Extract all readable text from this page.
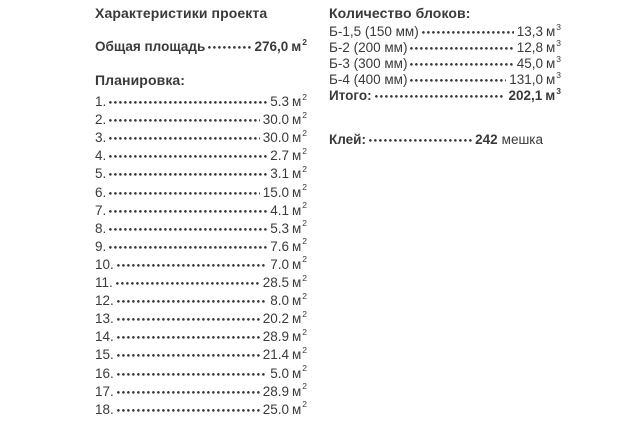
Характеристики проекта
Общая площадь	276,0 $м^2$
Планировка:
1.	5.3 $м^2$
2.	30.0 $м^2$
3.	30.0 $м^2$
4.	2.7 $м^2$
5.	3.1 $м^2$
6.	15.0 $м^2$
7.	4.1 $м^2$
8.	5.3 $м^2$
9.	7.6 $м^2$
10.	7.0 $м^2$
11.	28.5 $м^2$
12.	8.0 $м^2$
13.	20.2 $м^2$
14.	28.9 $м^2$
15.	21.4 $м^2$
16.	5.0 $м^2$
17.	28.9 $м^2$
18.	25.0 $м^2$
Количество блоков:
Б-1,5 (150 мм)	13,3 $м^3$
Б-2 (200 мм)	12,8 $м^3$
Б-3 (300 мм)	45,0 $м^3$
Б-4 (400 мм)	131,0 $м^3$
Итого:	202,1 $м^3$
Клей:	242 мешка
